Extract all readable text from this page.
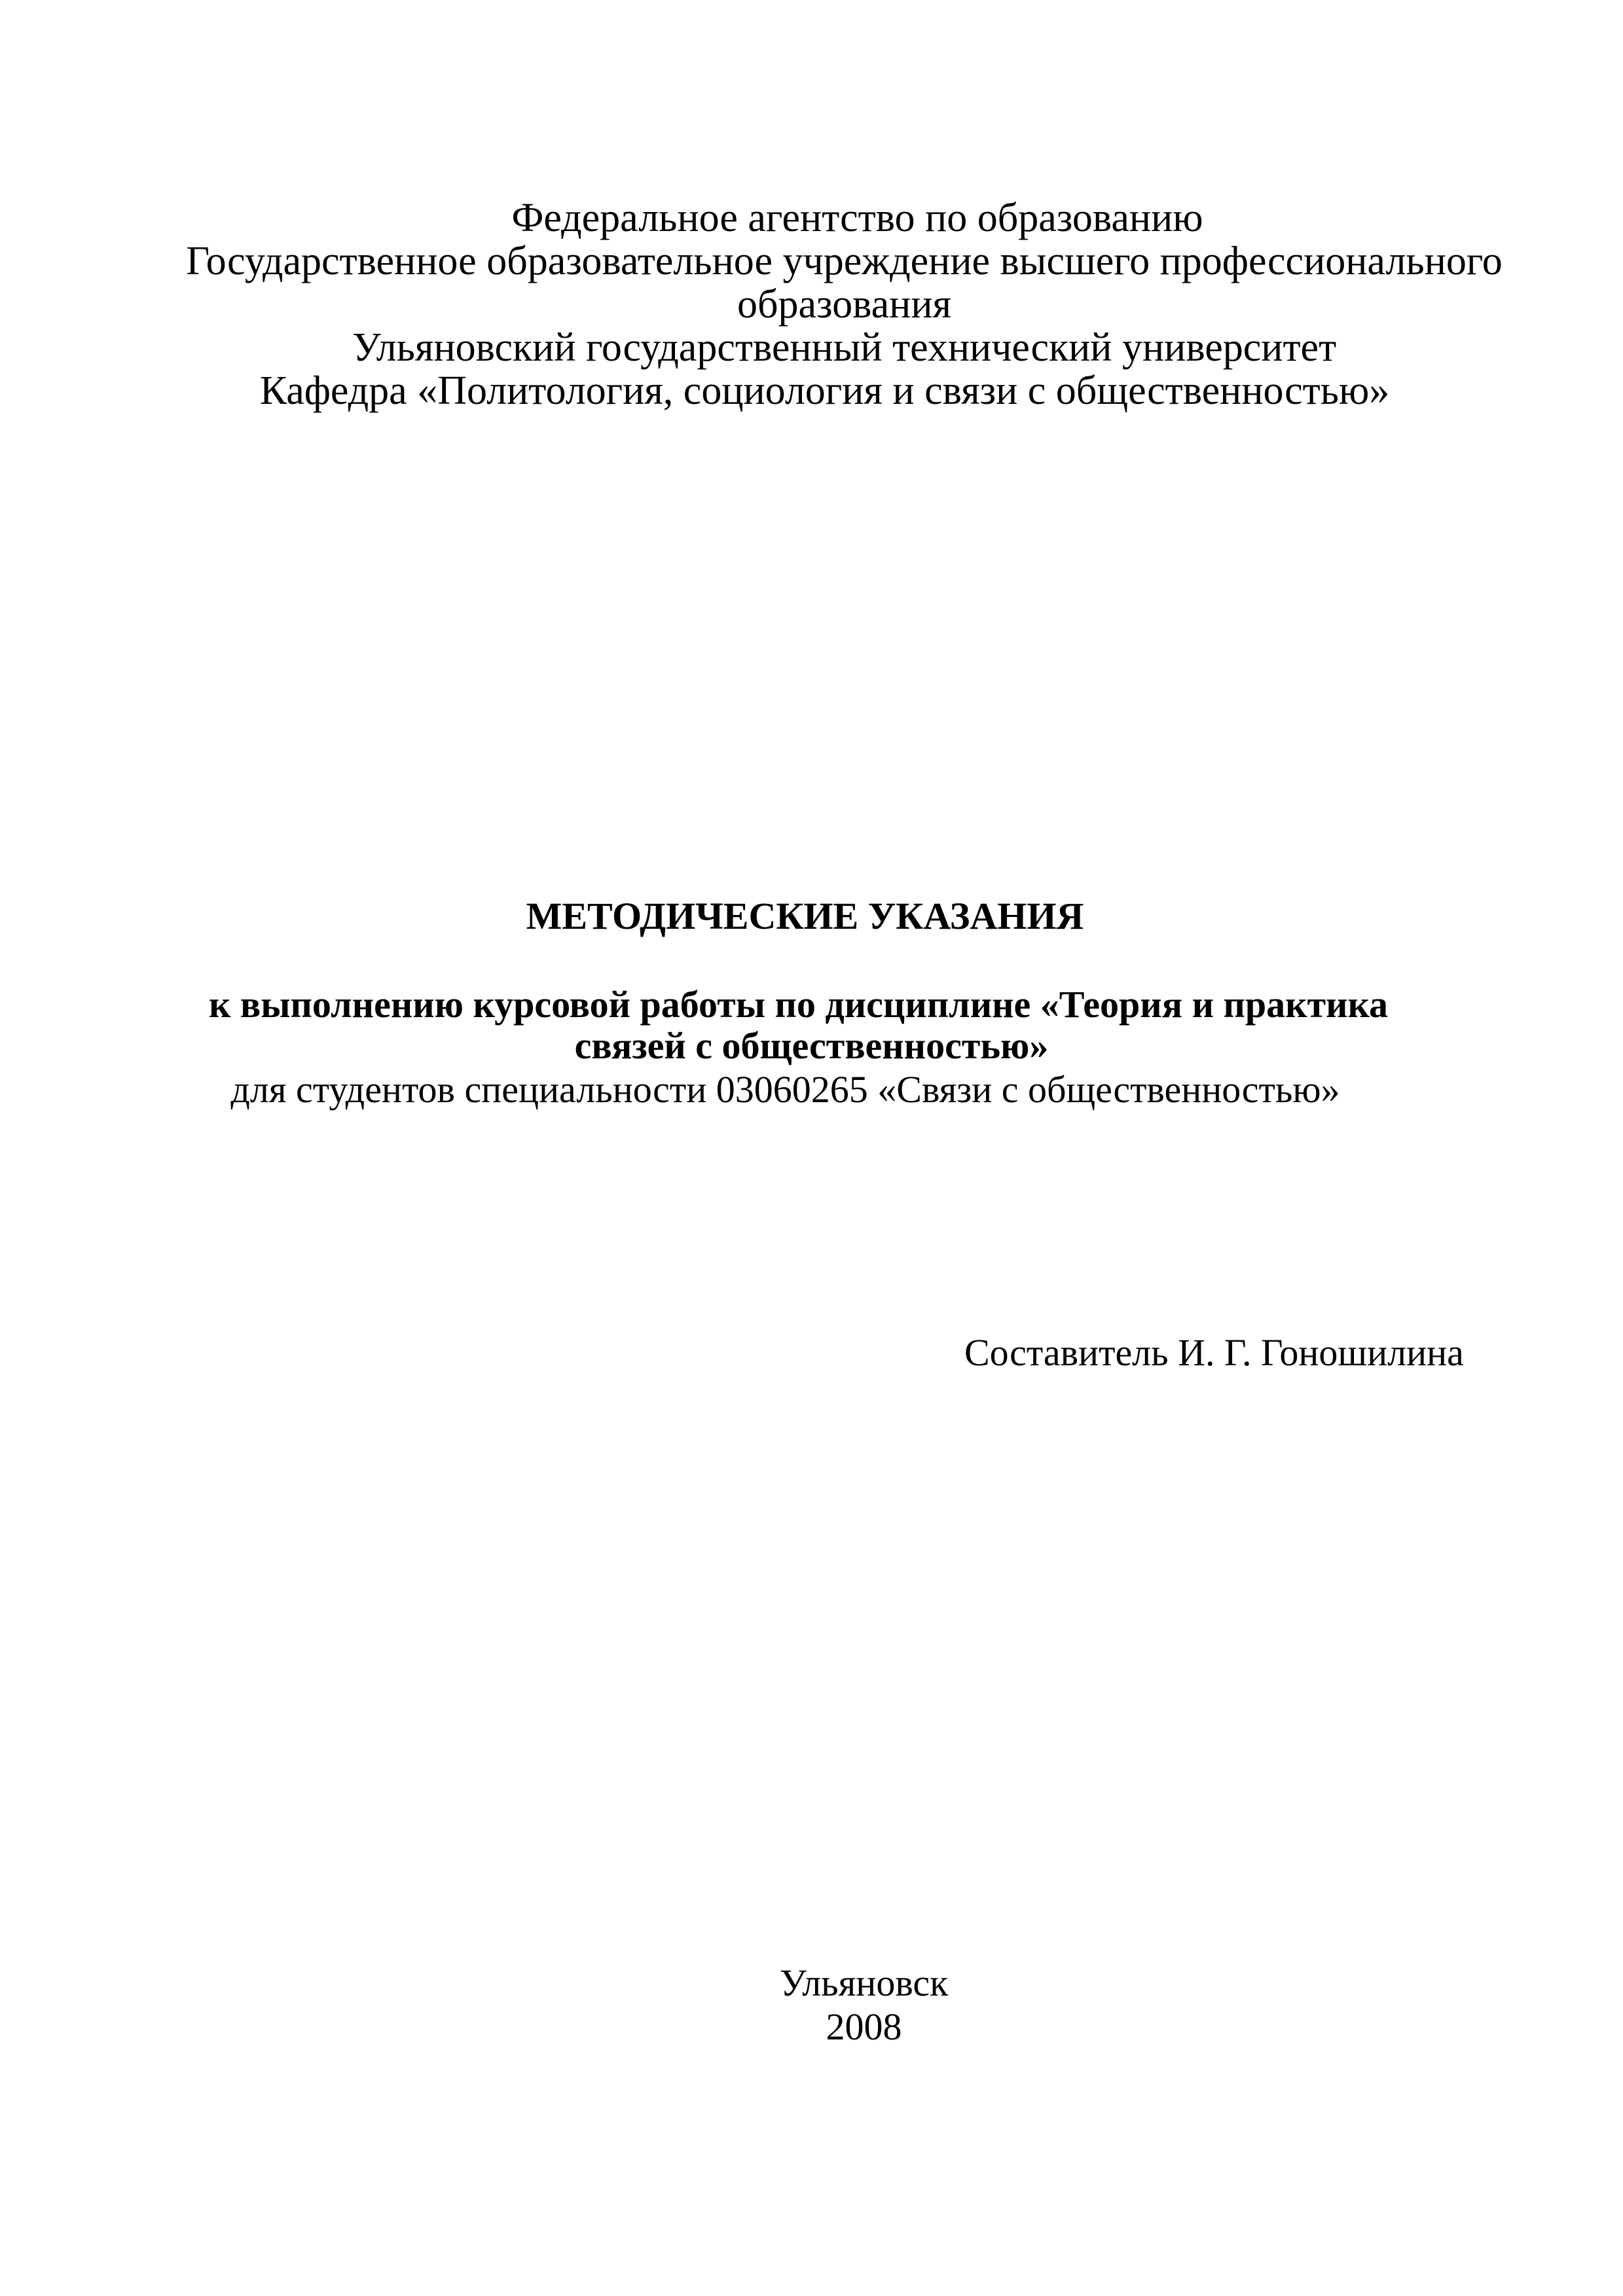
Федеральное агентство по образованию
Государственное образовательное учреждение высшего профессионального
образования
Ульяновский государственный технический университет
Кафедра «Политология, социология и связи с общественностью»
МЕТОДИЧЕСКИЕ УКАЗАНИЯ
к выполнению курсовой работы по дисциплине «Теория и практика
связей с общественностью»
для студентов специальности 03060265 «Связи с общественностью»
Составитель И. Г. Гоношилина
Ульяновск
2008
